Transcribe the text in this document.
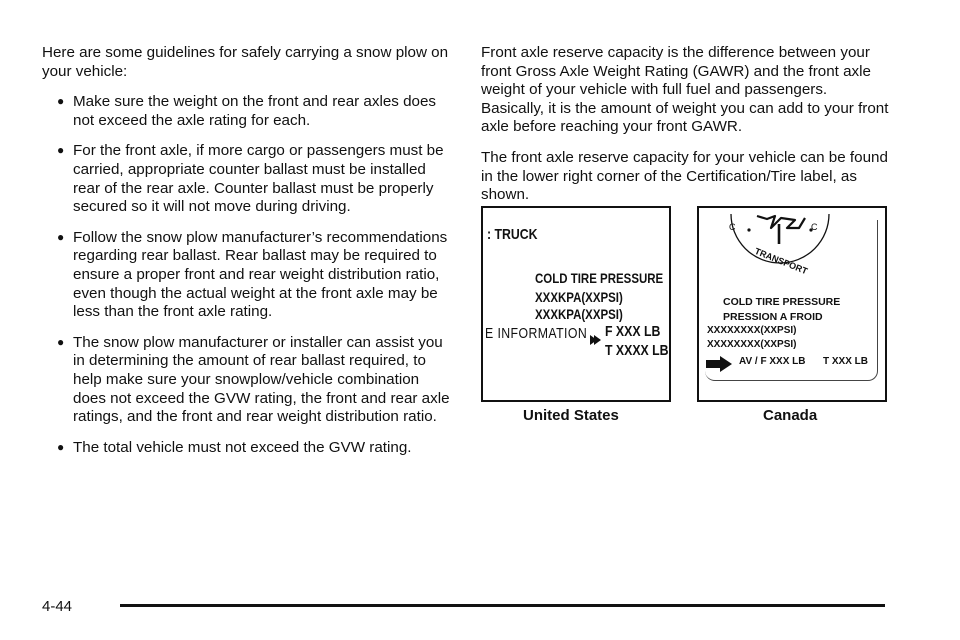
Here are some guidelines for safely carrying a snow plow on your vehicle:

● Make sure the weight on the front and rear axles does not exceed the axle rating for each.
● For the front axle, if more cargo or passengers must be carried, appropriate counter ballast must be installed rear of the rear axle. Counter ballast must be properly secured so it will not move during driving.
● Follow the snow plow manufacturer’s recommendations regarding rear ballast. Rear ballast may be required to ensure a proper front and rear weight distribution ratio, even though the actual weight at the front axle may be less than the front axle rating.
● The snow plow manufacturer or installer can assist you in determining the amount of rear ballast required, to help make sure your snowplow/vehicle combination does not exceed the GVW rating, the front and rear axle ratings, and the front and rear weight distribution ratio.
● The total vehicle must not exceed the GVW rating.

Front axle reserve capacity is the difference between your front Gross Axle Weight Rating (GAWR) and the front axle weight of your vehicle with full fuel and passengers. Basically, it is the amount of weight you can add to your front axle before reaching your front GAWR.

The front axle reserve capacity for your vehicle can be found in the lower right corner of the Certification/Tire label, as shown.

: TRUCK
COLD TIRE PRESSURE
XXXKPA(XXPSI)
XXXKPA(XXPSI)
E INFORMATION F XXX LB
T XXXX LB
C	C
TRANSPORT
COLD TIRE PRESSURE
PRESSION A FROID
XXXXXXXX(XXPSI)
XXXXXXXX(XXPSI)
AV / F XXX LB T XXX LB
United States	Canada
4-44
